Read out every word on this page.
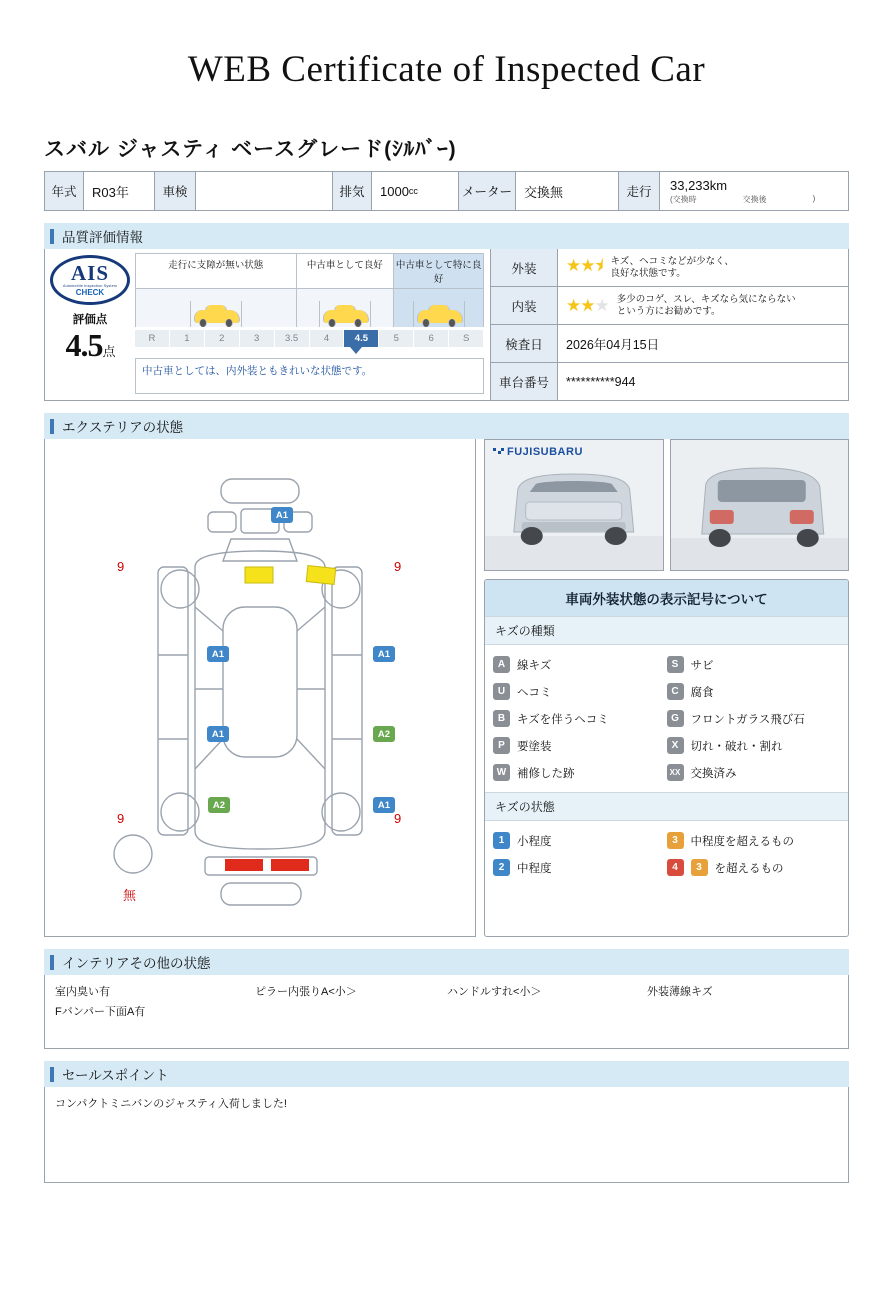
WEB Certificate of Inspected Car
スバル ジャスティ ベースグレード(ｼﾙﾊﾞｰ)
年式	R03年	車検	排気	1000 cc	メーター 交換無	走行	33,233km
(交換時	交換後	)
品質評価情報
AIS
Automobile Inspection System
CHECK
評価点
4.5点
走行に支障が無い状態	中古車として良好	中古車として特に良好
R	1	2	3	3.5	4	4.5	5	6	S
中古車としては、内外装ともきれいな状態です。
外装	★★⯨ キズ、ヘコミなどが少なく、
良好な状態です。
内装	★★★ 多少のコゲ、スレ、キズなら気にならない
という方にお勧めです。
検査日	2026年04月15日
車台番号	**********944
エクステリアの状態
A1
A1	A1
A1	A2
A2	A1
9	9
9	9
無
FUJISUBARU
車両外装状態の表示記号について
キズの種類
A	線キズ	S	サビ
U	ヘコミ	C	腐食
B	キズを伴うヘコミ	G	フロントガラス飛び石
P	要塗装	X	切れ・破れ・割れ
W 補修した跡	XX 交換済み
キズの状態
1	小程度	3	中程度を超えるもの
2	中程度	4	3	を超えるもの
インテリアその他の状態
室内臭い有	ピラー内張りA<小＞	ハンドルすれ<小＞	外装薄線キズ
Fバンパー下面A有
セールスポイント
コンパクトミニバンのジャスティ入荷しました!
